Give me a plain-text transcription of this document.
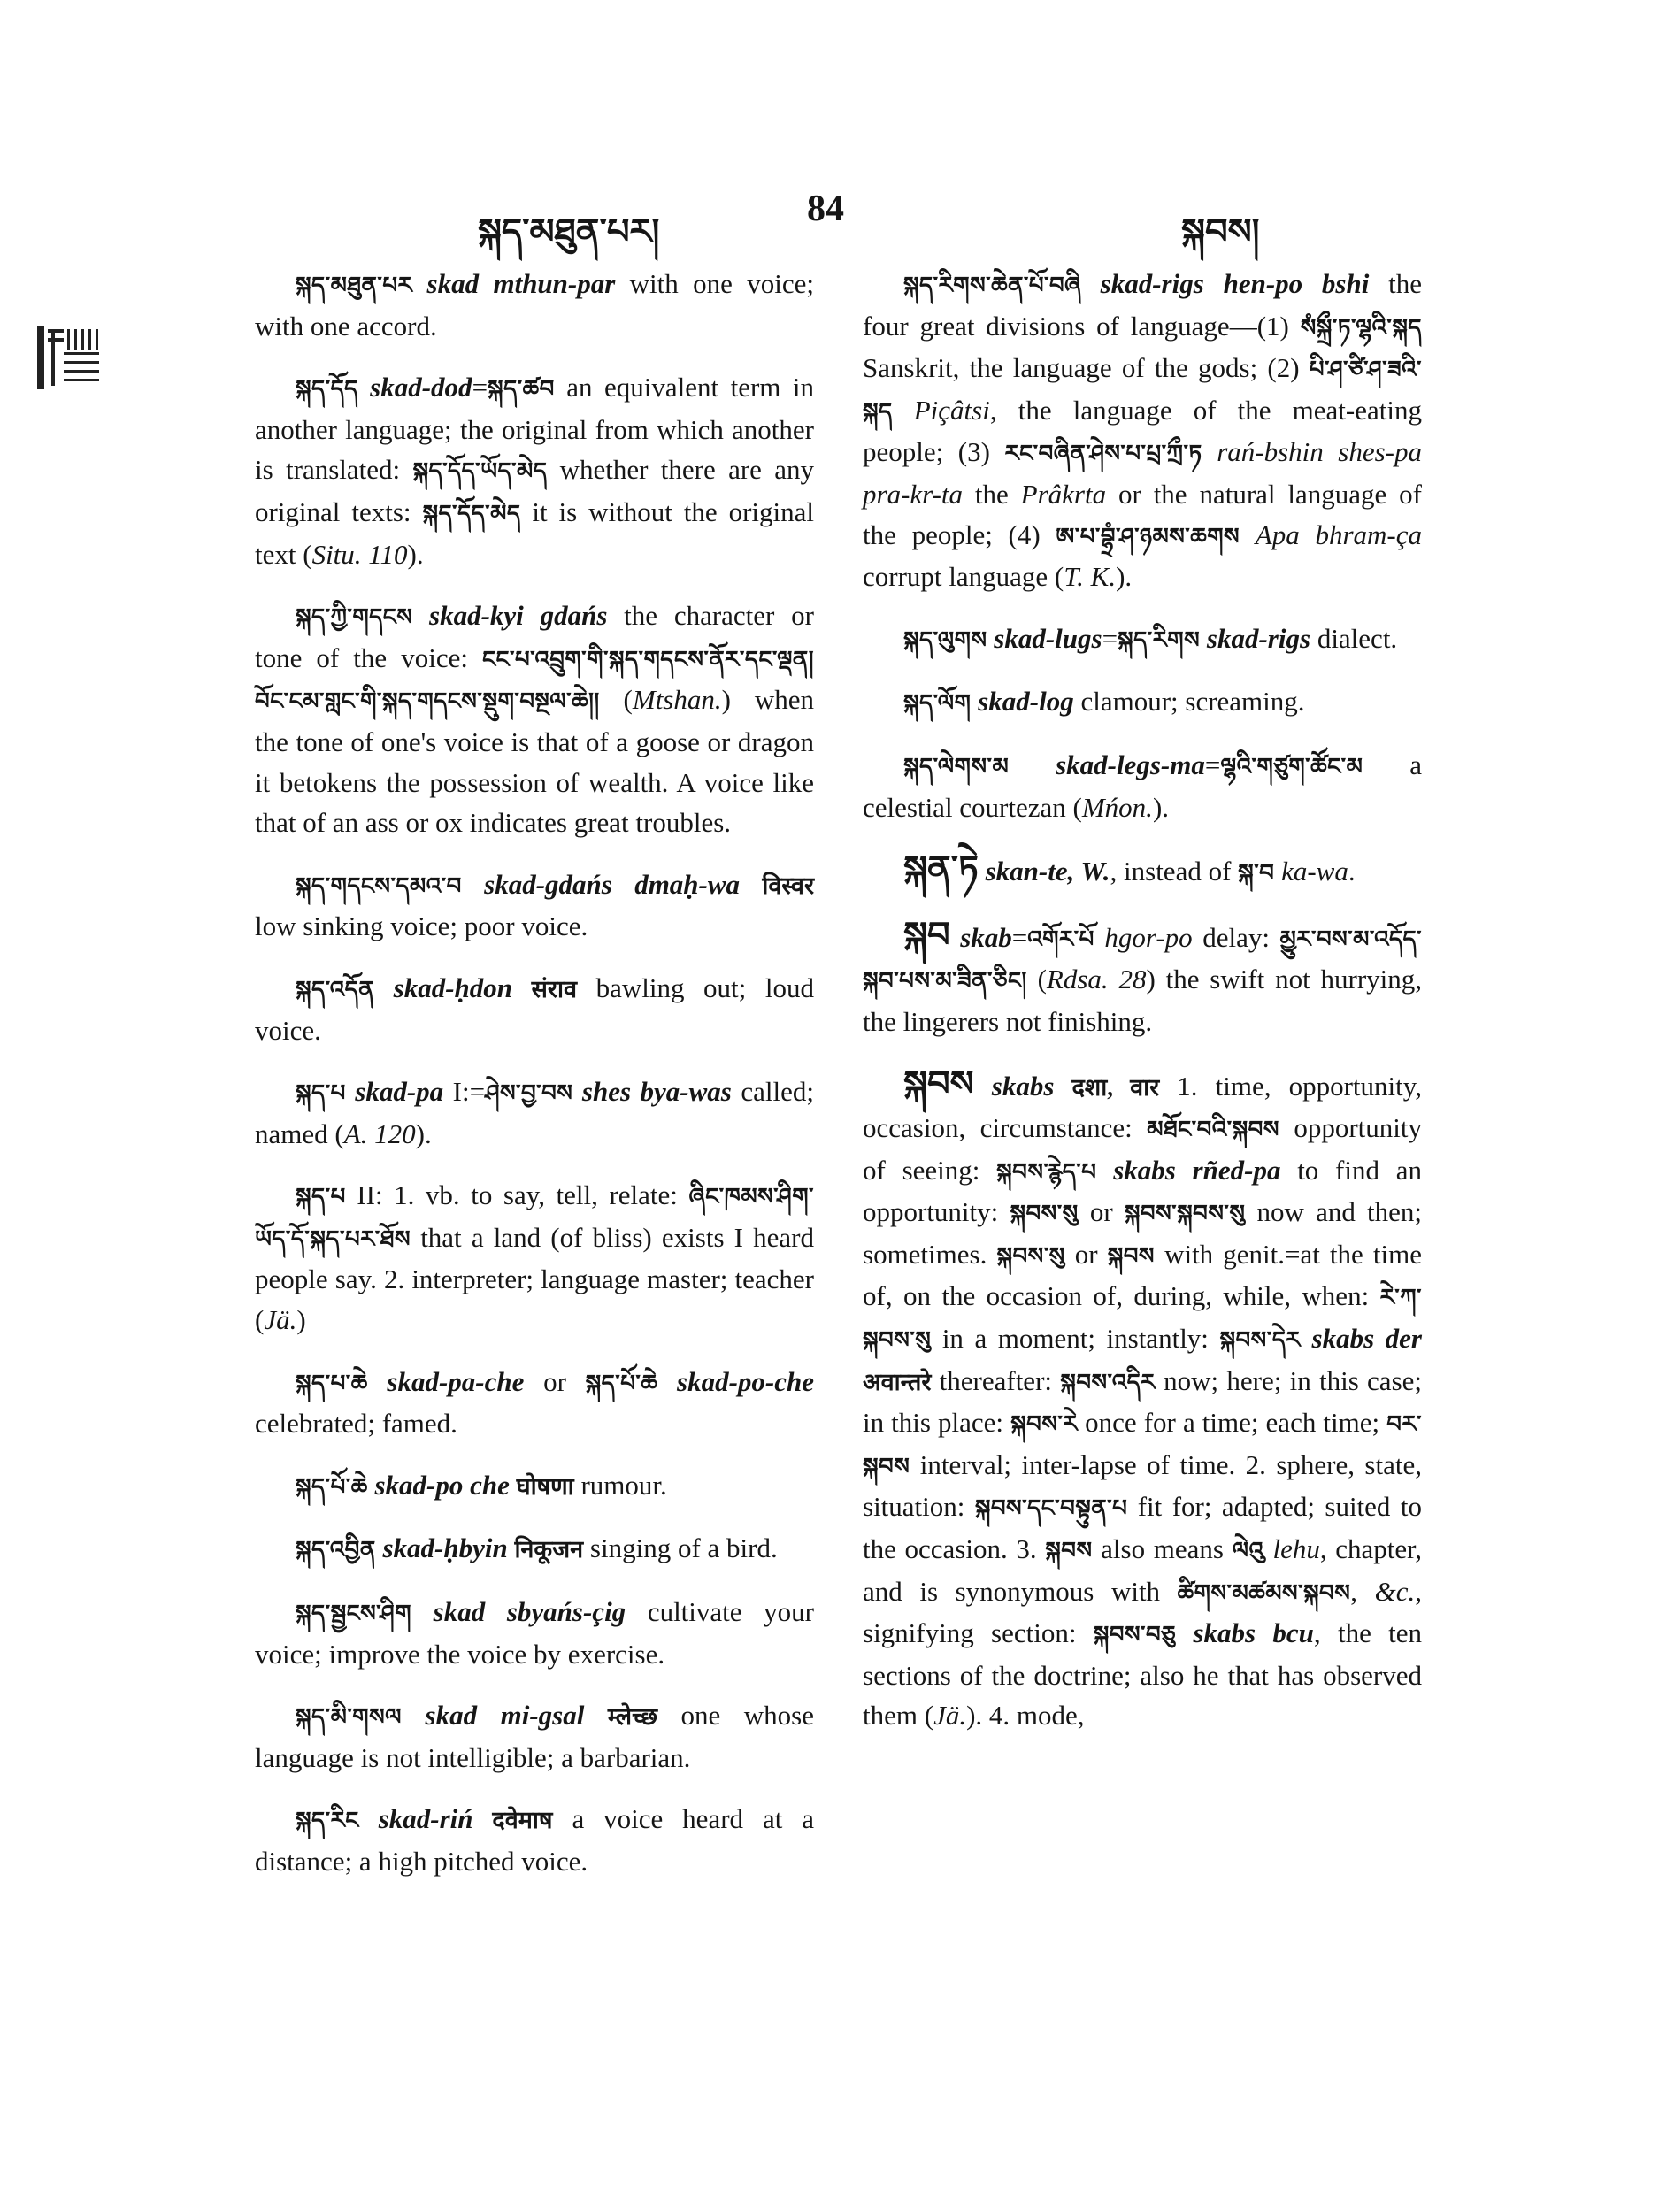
སྐད་མཐུན་པར།
84
སྐབས།

སྐད་མཐུན་པར skad mthun-par with one voice; with one accord.

སྐད་དོད skad-dod=སྐད་ཚབ an equivalent term in another language; the original from which another is translated: སྐད་དོད་ཡོད་མེད whether there are any original texts: སྐད་དོད་མེད it is without the original text (Situ. 110).

སྐད་ཀྱི་གདངས skad-kyi gdańs the character or tone of the voice: ངང་པ་འབྲུག་གི་སྐད་གདངས་ནོར་དང་ལྡན། བོང་ངམ་གླང་གི་སྐད་གདངས་སྡུག་བསྔལ་ཆེ།། (Mtshan.) when the tone of one's voice is that of a goose or dragon it betokens the possession of wealth. A voice like that of an ass or ox indicates great troubles.

སྐད་གདངས་དམའ་བ skad-gdańs dmaḥ-wa विस्वर low sinking voice; poor voice.

སྐད་འདོན skad-ḥdon संराव bawling out; loud voice.

སྐད་པ skad-pa I:=ཤེས་བྱ་བས shes bya-was called; named (A. 120).

སྐད་པ II: 1. vb. to say, tell, relate: ཞིང་ཁམས་ཤིག་ཡོད་དོ་སྐད་པར་ཐོས that a land (of bliss) exists I heard people say. 2. interpreter; language master; teacher (Jä.)

སྐད་པ་ཆེ skad-pa-che or སྐད་པོ་ཆེ skad-po-che celebrated; famed.

སྐད་པོ་ཆེ skad-po che घोषणा rumour.

སྐད་འབྱིན skad-ḥbyin निकूजन singing of a bird.

སྐད་སྦྱངས་ཤིག skad sbyańs-çig cultivate your voice; improve the voice by exercise.

སྐད་མི་གསལ skad mi-gsal म्लेच्छ one whose language is not intelligible; a barbarian.

སྐད་རིང skad-riń दवेमाष a voice heard at a distance; a high pitched voice.

སྐད་རིགས་ཆེན་པོ་བཞི skad-rigs hen-po bshi the four great divisions of language—(1) སཾསྐྲྀ་ཏ་ལྷའི་སྐད Sanskrit, the language of the gods; (2) པི་ཤ་ཙི་ཤ་ཟའི་སྐད Piçâtsi, the language of the meat-eating people; (3) རང་བཞིན་ཤེས་པ་པྲ་ཀྲྀ་ཏ rań-bshin shes-pa pra-kr-ta the Prâkrta or the natural language of the people; (4) ཨ་པ་བྷྲཾ་ཤ་ཉམས་ཆགས Apa bhram-ça corrupt language (T. K.).

སྐད་ལུགས skad-lugs=སྐད་རིགས skad-rigs dialect.

སྐད་ལོག skad-log clamour; screaming.

སྐད་ལེགས་མ skad-legs-ma=ལྷའི་གཙུག་ཚོང་མ a celestial courtezan (Mńon.).

སྐན་ཏེ skan-te, W., instead of སྐ་བ ka-wa.

སྐབ skab=འགོར་པོ hgor-po delay: མྱུར་བས་མ་འདོད་སྐབ་པས་མ་ཟིན་ཅིང། (Rdsa. 28) the swift not hurrying, the lingerers not finishing.

སྐབས skabs दशा, वार 1. time, opportunity, occasion, circumstance: མཐོང་བའི་སྐབས opportunity of seeing: སྐབས་རྙེད་པ skabs rñed-pa to find an opportunity: སྐབས་སུ or སྐབས་སྐབས་སུ now and then; sometimes. སྐབས་སུ or སྐབས with genit.=at the time of, on the occasion of, during, while, when: རེ་ཀ་སྐབས་སུ in a moment; instantly: སྐབས་དེར skabs der अवान्तरे thereafter: སྐབས་འདིར now; here; in this case; in this place: སྐབས་རེ once for a time; each time; བར་སྐབས interval; inter-lapse of time. 2. sphere, state, situation: སྐབས་དང་བསྟུན་པ fit for; adapted; suited to the occasion. 3. སྐབས also means ལེའུ lehu, chapter, and is synonymous with ཚིགས་མཚམས་སྐབས, &c., signifying section: སྐབས་བཅུ skabs bcu, the ten sections of the doctrine; also he that has observed them (Jä.). 4. mode,
